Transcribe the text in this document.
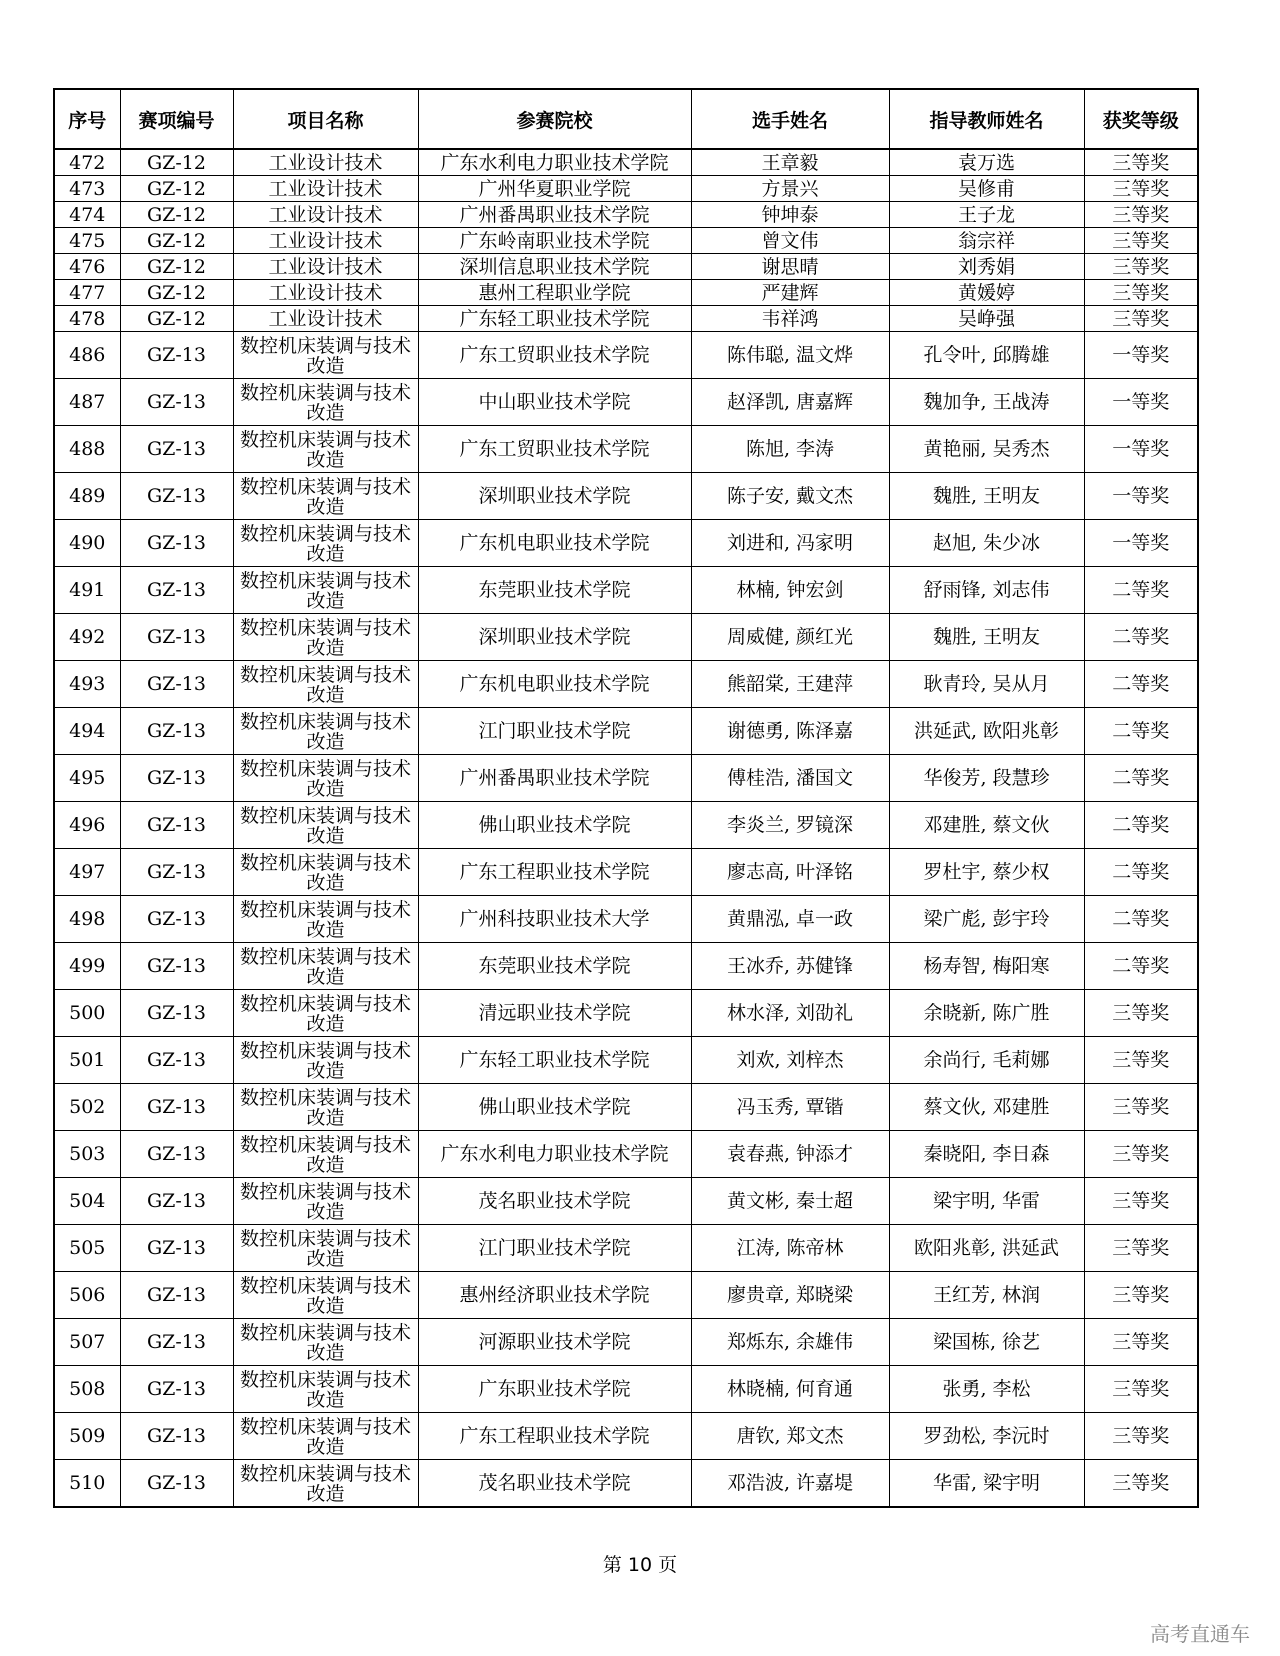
序号	赛项编号	项目名称	参赛院校	选手姓名	指导教师姓名	获奖等级
472	GZ-12	工业设计技术	广东水利电力职业技术学院	王章毅	袁万选	三等奖
473	GZ-12	工业设计技术	广州华夏职业学院	方景兴	吴修甫	三等奖
474	GZ-12	工业设计技术	广州番禺职业技术学院	钟坤泰	王子龙	三等奖
475	GZ-12	工业设计技术	广东岭南职业技术学院	曾文伟	翁宗祥	三等奖
476	GZ-12	工业设计技术	深圳信息职业技术学院	谢思晴	刘秀娟	三等奖
477	GZ-12	工业设计技术	惠州工程职业学院	严建辉	黄媛婷	三等奖
478	GZ-12	工业设计技术	广东轻工职业技术学院	韦祥鸿	吴峥强	三等奖
486	GZ-13	数控机床装调与技术改造	广东工贸职业技术学院	陈伟聪, 温文烨	孔令叶, 邱腾雄	一等奖
487	GZ-13	数控机床装调与技术改造	中山职业技术学院	赵泽凯, 唐嘉辉	魏加争, 王战涛	一等奖
488	GZ-13	数控机床装调与技术改造	广东工贸职业技术学院	陈旭, 李涛	黄艳丽, 吴秀杰	一等奖
489	GZ-13	数控机床装调与技术改造	深圳职业技术学院	陈子安, 戴文杰	魏胜, 王明友	一等奖
490	GZ-13	数控机床装调与技术改造	广东机电职业技术学院	刘进和, 冯家明	赵旭, 朱少冰	一等奖
491	GZ-13	数控机床装调与技术改造	东莞职业技术学院	林楠, 钟宏剑	舒雨锋, 刘志伟	二等奖
492	GZ-13	数控机床装调与技术改造	深圳职业技术学院	周威健, 颜红光	魏胜, 王明友	二等奖
493	GZ-13	数控机床装调与技术改造	广东机电职业技术学院	熊韶棠, 王建萍	耿青玲, 吴从月	二等奖
494	GZ-13	数控机床装调与技术改造	江门职业技术学院	谢德勇, 陈泽嘉	洪延武, 欧阳兆彰	二等奖
495	GZ-13	数控机床装调与技术改造	广州番禺职业技术学院	傅桂浩, 潘国文	华俊芳, 段慧珍	二等奖
496	GZ-13	数控机床装调与技术改造	佛山职业技术学院	李炎兰, 罗镜深	邓建胜, 蔡文伙	二等奖
497	GZ-13	数控机床装调与技术改造	广东工程职业技术学院	廖志高, 叶泽铭	罗杜宇, 蔡少权	二等奖
498	GZ-13	数控机床装调与技术改造	广州科技职业技术大学	黄鼎泓, 卓一政	梁广彪, 彭宇玲	二等奖
499	GZ-13	数控机床装调与技术改造	东莞职业技术学院	王冰乔, 苏健锋	杨寿智, 梅阳寒	二等奖
500	GZ-13	数控机床装调与技术改造	清远职业技术学院	林水泽, 刘劭礼	余晓新, 陈广胜	三等奖
501	GZ-13	数控机床装调与技术改造	广东轻工职业技术学院	刘欢, 刘梓杰	余尚行, 毛莉娜	三等奖
502	GZ-13	数控机床装调与技术改造	佛山职业技术学院	冯玉秀, 覃锴	蔡文伙, 邓建胜	三等奖
503	GZ-13	数控机床装调与技术改造	广东水利电力职业技术学院	袁春燕, 钟添才	秦晓阳, 李日森	三等奖
504	GZ-13	数控机床装调与技术改造	茂名职业技术学院	黄文彬, 秦士超	梁宇明, 华雷	三等奖
505	GZ-13	数控机床装调与技术改造	江门职业技术学院	江涛, 陈帝林	欧阳兆彰, 洪延武	三等奖
506	GZ-13	数控机床装调与技术改造	惠州经济职业技术学院	廖贵章, 郑晓梁	王红芳, 林润	三等奖
507	GZ-13	数控机床装调与技术改造	河源职业技术学院	郑烁东, 余雄伟	梁国栋, 徐艺	三等奖
508	GZ-13	数控机床装调与技术改造	广东职业技术学院	林晓楠, 何育通	张勇, 李松	三等奖
509	GZ-13	数控机床装调与技术改造	广东工程职业技术学院	唐钦, 郑文杰	罗劲松, 李沅时	三等奖
510	GZ-13	数控机床装调与技术改造	茂名职业技术学院	邓浩波, 许嘉堤	华雷, 梁宇明	三等奖
第 10 页
高考直通车
